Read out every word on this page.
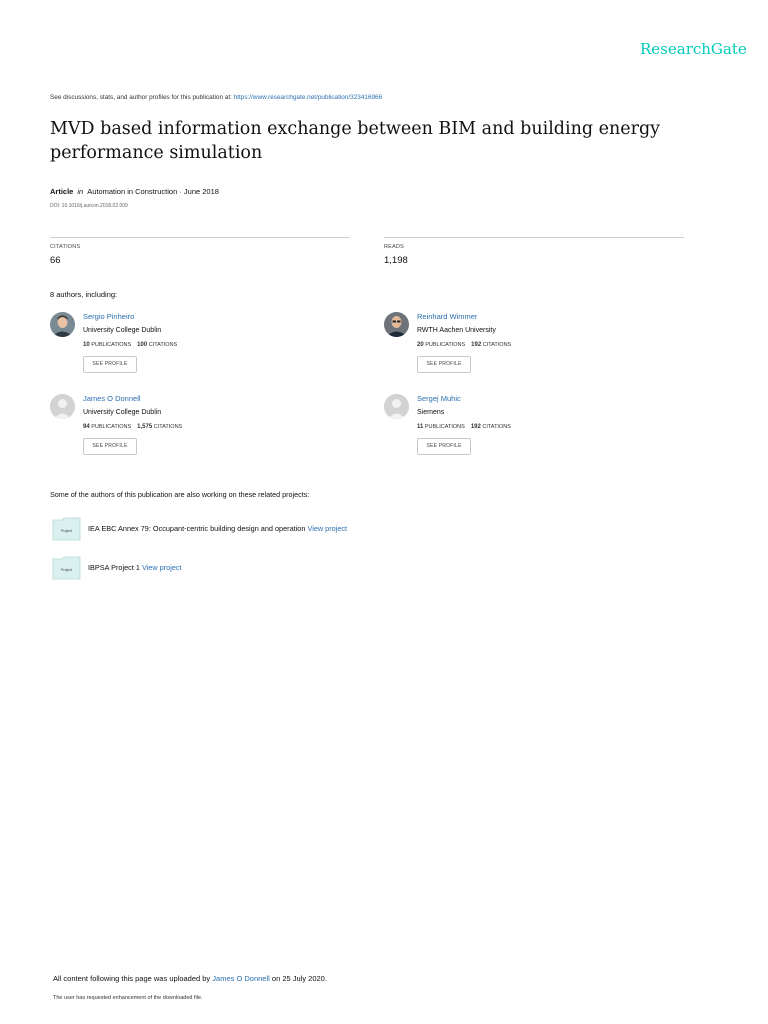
ResearchGate
See discussions, stats, and author profiles for this publication at: https://www.researchgate.net/publication/323416966
MVD based information exchange between BIM and building energy
performance simulation
Article in Automation in Construction · June 2018
DOI: 10.1016/j.autcon.2018.02.009
CITATIONS
66
READS
1,198
8 authors, including:
Sergio Pinheiro
University College Dublin
10 PUBLICATIONS 100 CITATIONS
SEE PROFILE
Reinhard Wimmer
RWTH Aachen University
20 PUBLICATIONS 192 CITATIONS
SEE PROFILE
James O Donnell
University College Dublin
94 PUBLICATIONS 1,575 CITATIONS
SEE PROFILE
Sergej Muhic
Siemens
11 PUBLICATIONS 192 CITATIONS
SEE PROFILE
Some of the authors of this publication are also working on these related projects:
Project IEA EBC Annex 79: Occupant-centric building design and operation View project
Project IBPSA Project 1 View project
All content following this page was uploaded by James O Donnell on 25 July 2020.
The user has requested enhancement of the downloaded file.
